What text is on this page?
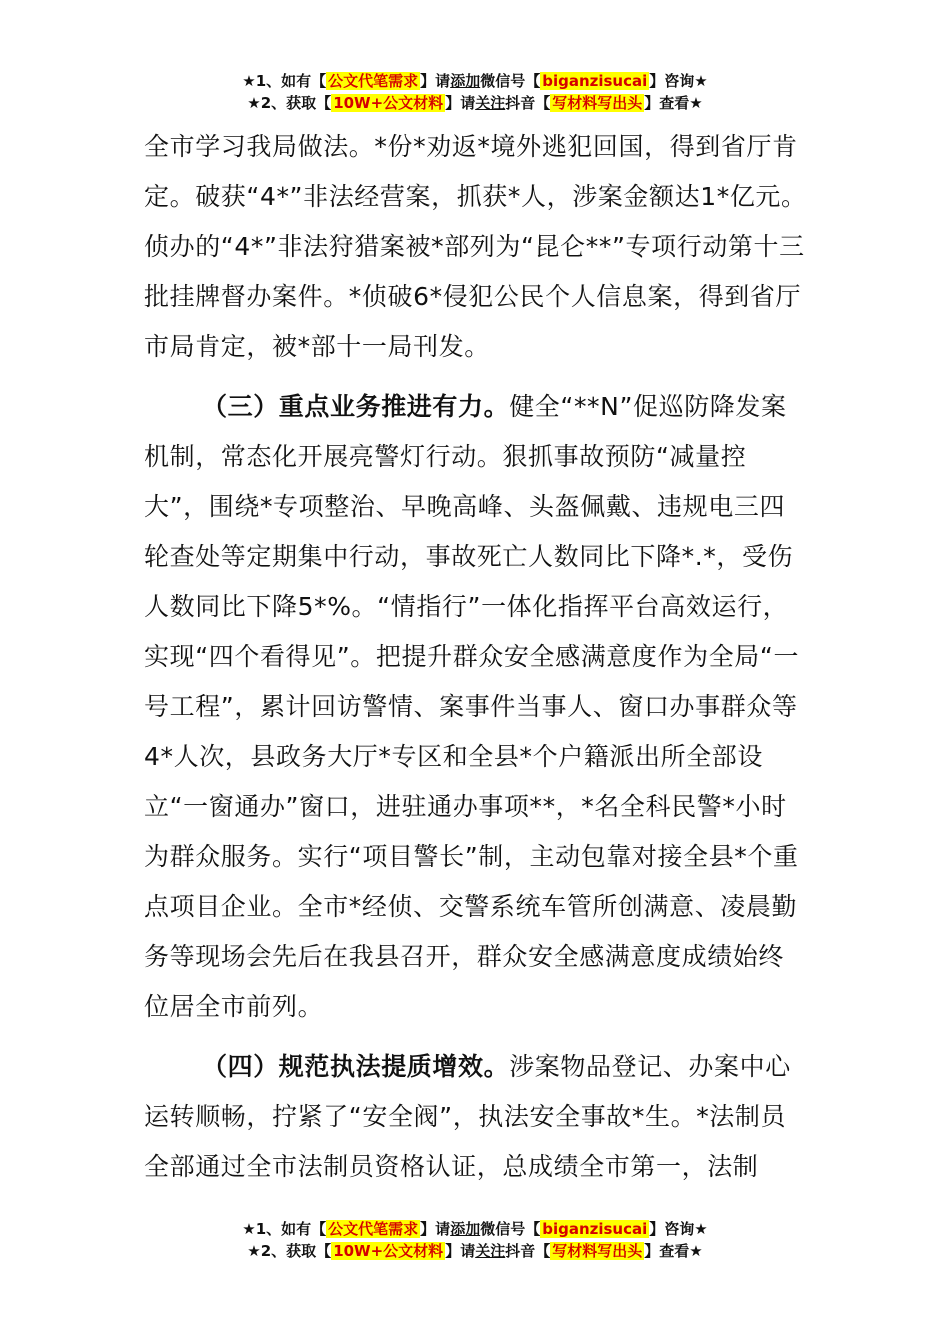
★1、如有【 公文代笔需求 】请添加微信号【 biganzisucai 】咨询★
★2、获取【 10W+公文材料 】请关注抖音【 写材料写出头 】查看★

全市学习我局做法。*份*劝返*境外逃犯回国，得到省厅肯定。破获“4*”非法经营案，抓获*人，涉案金额达1*亿元。侦办的“4*”非法狩猎案被*部列为“昆仑**”专项行动第十三批挂牌督办案件。*侦破6*侵犯公民个人信息案，得到省厅市局肯定，被*部十一局刊发。

（三）重点业务推进有力。健全“**N”促巡防降发案机制，常态化开展亮警灯行动。狠抓事故预防“减量控大”，围绕*专项整治、早晚高峰、头盔佩戴、违规电三四轮查处等定期集中行动，事故死亡人数同比下降*.*，受伤人数同比下降5*%。“情指行”一体化指挥平台高效运行，实现“四个看得见”。把提升群众安全感满意度作为全局“一号工程”，累计回访警情、案事件当事人、窗口办事群众等4*人次，县政务大厅*专区和全县*个户籍派出所全部设立“一窗通办”窗口，进驻通办事项**，*名全科民警*小时为群众服务。实行“项目警长”制，主动包靠对接全县*个重点项目企业。全市*经侦、交警系统车管所创满意、凌晨勤务等现场会先后在我县召开，群众安全感满意度成绩始终位居全市前列。

（四）规范执法提质增效。涉案物品登记、办案中心运转顺畅，拧紧了“安全阀”，执法安全事故*生。*法制员全部通过全市法制员资格认证，总成绩全市第一，法制

★1、如有【 公文代笔需求 】请添加微信号【 biganzisucai 】咨询★
★2、获取【 10W+公文材料 】请关注抖音【 写材料写出头 】查看★
